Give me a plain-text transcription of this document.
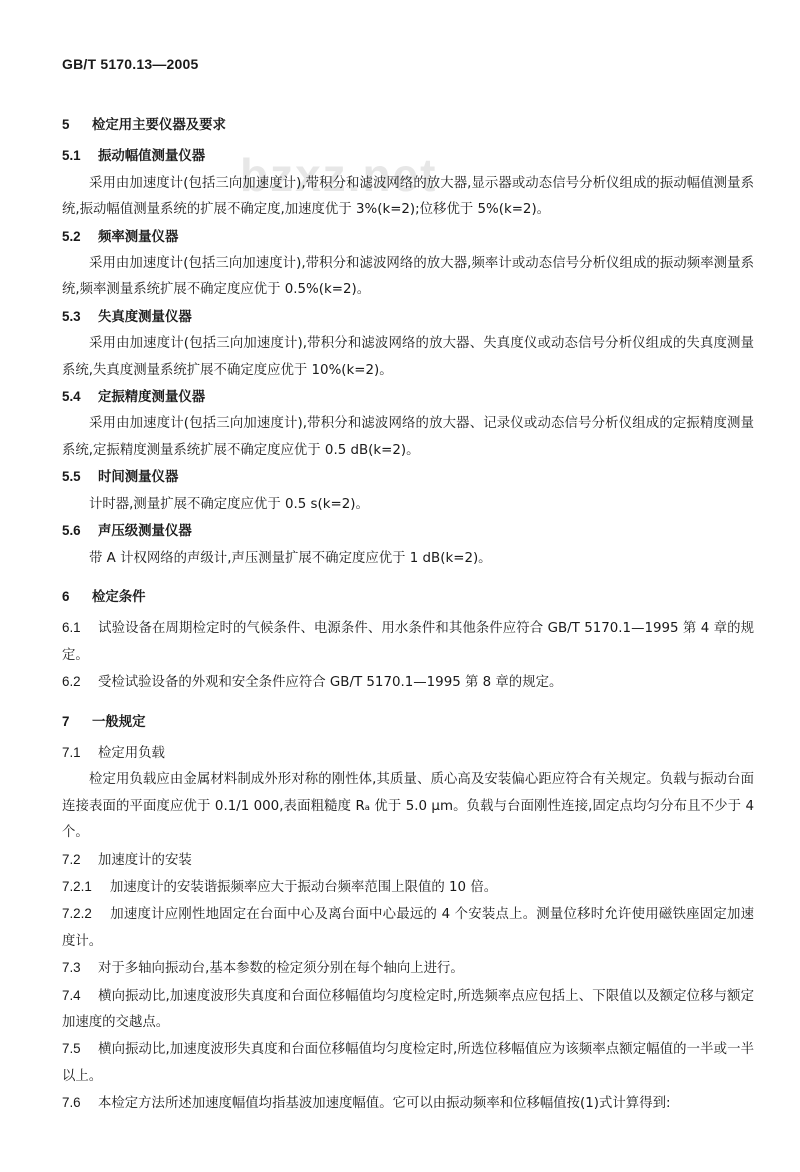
GB/T 5170.13—2005
bzxz.net
5 检定用主要仪器及要求
5.1 振动幅值测量仪器

采用由加速度计(包括三向加速度计),带积分和滤波网络的放大器,显示器或动态信号分析仪组成的振动幅值测量系统,振动幅值测量系统的扩展不确定度,加速度优于 3%(k=2);位移优于 5%(k=2)。

5.2 频率测量仪器

采用由加速度计(包括三向加速度计),带积分和滤波网络的放大器,频率计或动态信号分析仪组成的振动频率测量系统,频率测量系统扩展不确定度应优于 0.5%(k=2)。

5.3 失真度测量仪器

采用由加速度计(包括三向加速度计),带积分和滤波网络的放大器、失真度仪或动态信号分析仪组成的失真度测量系统,失真度测量系统扩展不确定度应优于 10%(k=2)。

5.4 定振精度测量仪器

采用由加速度计(包括三向加速度计),带积分和滤波网络的放大器、记录仪或动态信号分析仪组成的定振精度测量系统,定振精度测量系统扩展不确定度应优于 0.5 dB(k=2)。

5.5 时间测量仪器

计时器,测量扩展不确定度应优于 0.5 s(k=2)。

5.6 声压级测量仪器

带 A 计权网络的声级计,声压测量扩展不确定度应优于 1 dB(k=2)。

6 检定条件

6.1 试验设备在周期检定时的气候条件、电源条件、用水条件和其他条件应符合 GB/T 5170.1—1995 第 4 章的规定。

6.2 受检试验设备的外观和安全条件应符合 GB/T 5170.1—1995 第 8 章的规定。

7 一般规定
7.1 检定用负载

检定用负载应由金属材料制成外形对称的刚性体,其质量、质心高及安装偏心距应符合有关规定。负载与振动台面连接表面的平面度应优于 0.1/1 000,表面粗糙度 Rₐ 优于 5.0 μm。负载与台面刚性连接,固定点均匀分布且不少于 4 个。

7.2 加速度计的安装

7.2.1 加速度计的安装谐振频率应大于振动台频率范围上限值的 10 倍。

7.2.2 加速度计应刚性地固定在台面中心及离台面中心最远的 4 个安装点上。测量位移时允许使用磁铁座固定加速度计。

7.3 对于多轴向振动台,基本参数的检定须分别在每个轴向上进行。

7.4 横向振动比,加速度波形失真度和台面位移幅值均匀度检定时,所选频率点应包括上、下限值以及额定位移与额定加速度的交越点。

7.5 横向振动比,加速度波形失真度和台面位移幅值均匀度检定时,所选位移幅值应为该频率点额定幅值的一半或一半以上。

7.6 本检定方法所述加速度幅值均指基波加速度幅值。它可以由振动频率和位移幅值按(1)式计算得到:
